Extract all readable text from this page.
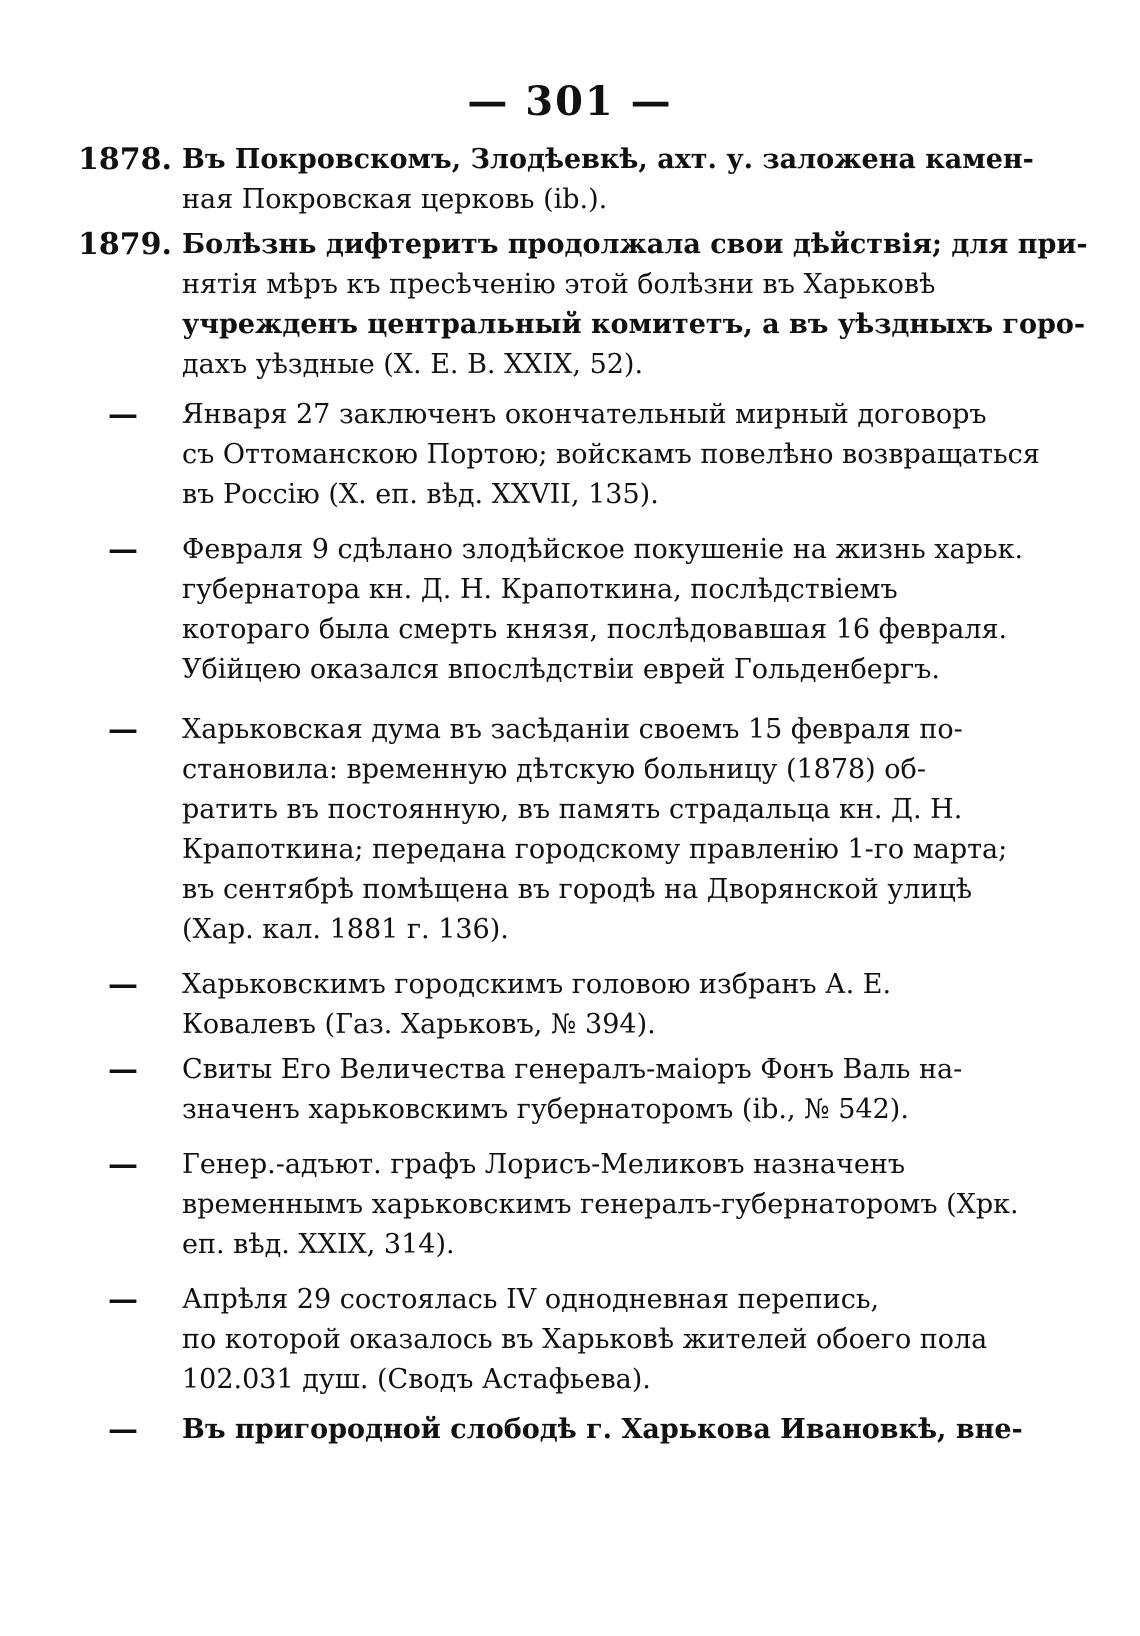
— 301 —
1878. Въ Покровскомъ, Злодѣевкѣ, ахт. у. заложена камен-
ная Покровская церковь (ib.).
1879. Болѣзнь дифтеритъ продолжала свои дѣйствія; для при-
нятія мѣръ къ пресѣченію этой болѣзни въ Харьковѣ
учрежденъ центральный комитетъ, а въ уѣздныхъ горо-
дахъ уѣздные (Х. Е. В. XXIX, 52).
—	Января 27 заключенъ окончательный мирный договоръ
съ Оттоманскою Портою; войскамъ повелѣно возвращаться
въ Россію (Х. еп. вѣд. XXVII, 135).
—	Февраля 9 сдѣлано злодѣйское покушеніе на жизнь харьк.
губернатора кн. Д. Н. Крапоткина, послѣдствіемъ
котораго была смерть князя, послѣдовавшая 16 февраля.
Убійцею оказался впослѣдствіи еврей Гольденбергъ.
—	Харьковская дума въ засѣданіи своемъ 15 февраля по-
становила: временную дѣтскую больницу (1878) об-
ратить въ постоянную, въ память страдальца кн. Д. Н.
Крапоткина; передана городскому правленію 1-го марта;
въ сентябрѣ помѣщена въ городѣ на Дворянской улицѣ
(Хар. кал. 1881 г. 136).
—	Харьковскимъ городскимъ головою избранъ А. Е.
Ковалевъ (Газ. Харьковъ, № 394).
—	Свиты Его Величества генералъ-маіоръ Фонъ Валь на-
значенъ харьковскимъ губернаторомъ (ib., № 542).
—	Генер.-адъют. графъ Лорисъ-Меликовъ назначенъ
временнымъ харьковскимъ генералъ-губернаторомъ (Хрк.
еп. вѣд. XXIX, 314).
—	Апрѣля 29 состоялась IV однодневная перепись,
по которой оказалось въ Харьковѣ жителей обоего пола
102.031 душ. (Сводъ Астафьева).
—	Въ пригородной слободѣ г. Харькова Ивановкѣ, вне-
